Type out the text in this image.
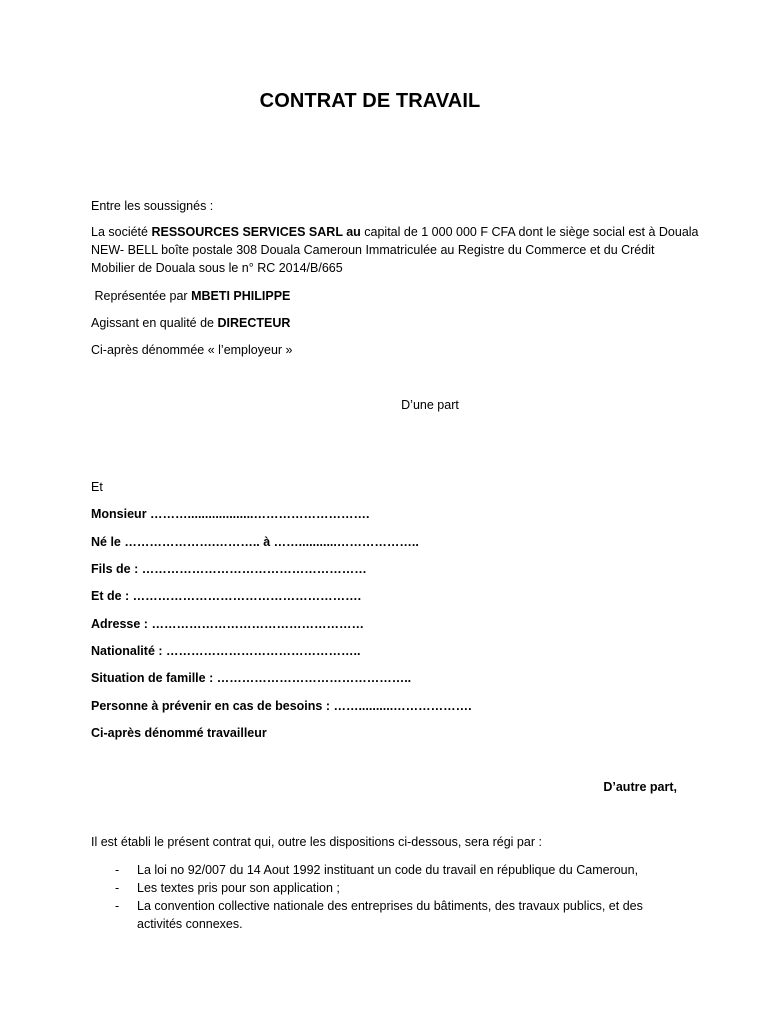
CONTRAT DE TRAVAIL
Entre les soussignés :
La société RESSOURCES SERVICES SARL au capital de 1 000 000 F CFA dont le siège social est à Douala
NEW- BELL boîte postale 308 Douala Cameroun Immatriculée au Registre du Commerce et du Crédit
Mobilier de Douala sous le n° RC 2014/B/665
Représentée par MBETI PHILIPPE
Agissant en qualité de DIRECTEUR
Ci-après dénommée « l’employeur »
D’une part
Et
Monsieur ………...................……………………….
Né le ………………….……….. à ……...........………………..
Fils de : ………………………………………………
Et de : ……………………………………………….
Adresse : ……………………………………………
Nationalité : ………………………………………..
Situation de famille : ………………………………………..
Personne à prévenir en cas de besoins : ……..........……………….
Ci-après dénommé travailleur
D’autre part,
Il est établi le présent contrat qui, outre les dispositions ci-dessous, sera régi par :
- La loi no 92/007 du 14 Aout 1992 instituant un code du travail en république du Cameroun,
- Les textes pris pour son application ;
- La convention collective nationale des entreprises du bâtiments, des travaux publics, et des
activités connexes.
